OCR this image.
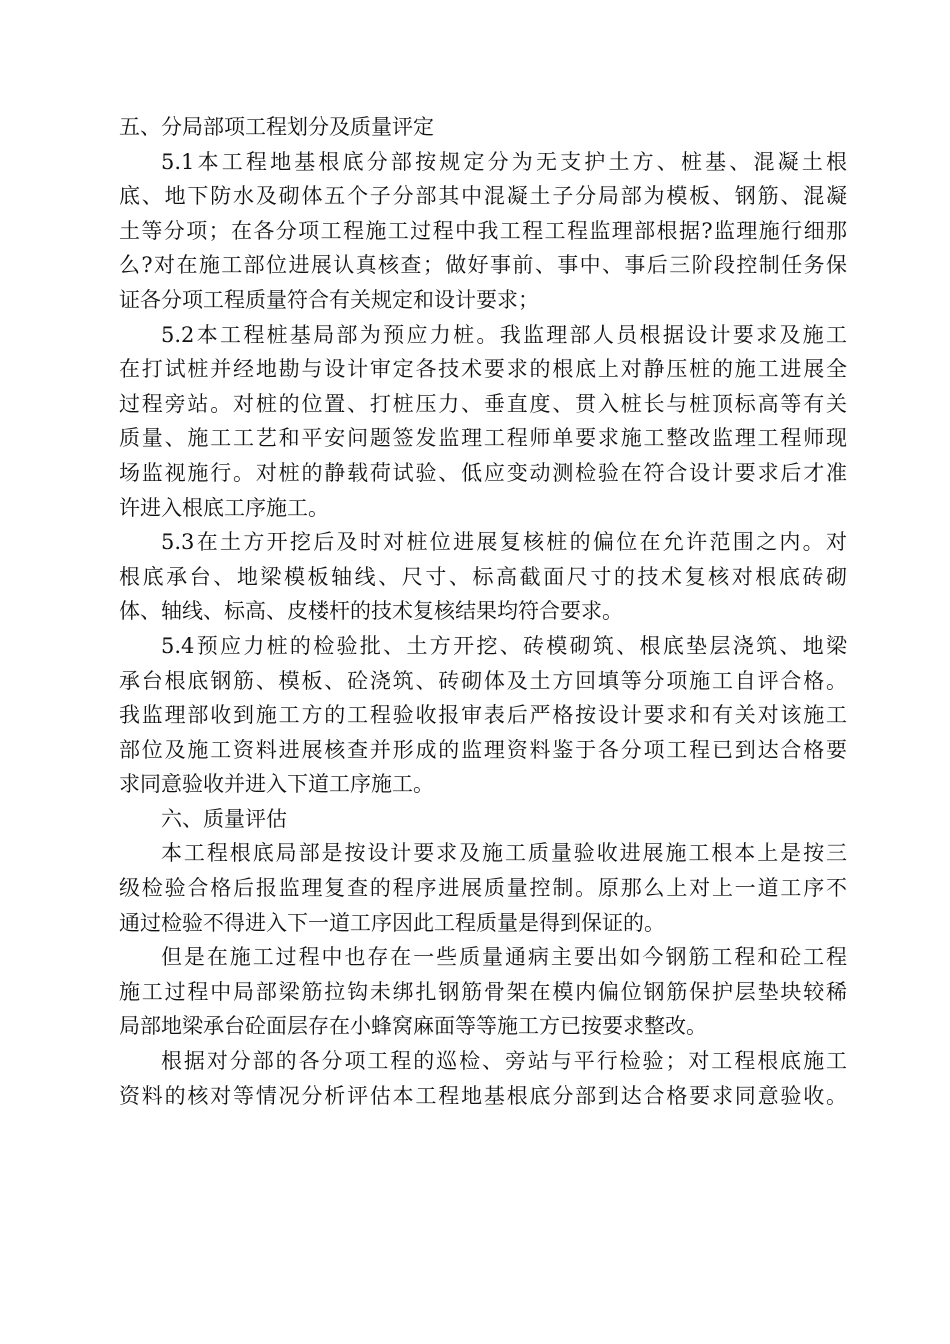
五、分局部项工程划分及质量评定
5.1本工程地基根底分部按规定分为无支护土方、桩基、混凝土根
底、地下防水及砌体五个子分部其中混凝土子分局部为模板、钢筋、混凝
土等分项；在各分项工程施工过程中我工程工程监理部根据?监理施行细那
么?对在施工部位进展认真核查；做好事前、事中、事后三阶段控制任务保
证各分项工程质量符合有关规定和设计要求；
5.2本工程桩基局部为预应力桩。我监理部人员根据设计要求及施工
在打试桩并经地勘与设计审定各技术要求的根底上对静压桩的施工进展全
过程旁站。对桩的位置、打桩压力、垂直度、贯入桩长与桩顶标高等有关
质量、施工工艺和平安问题签发监理工程师单要求施工整改监理工程师现
场监视施行。对桩的静载荷试验、低应变动测检验在符合设计要求后才准
许进入根底工序施工。
5.3在土方开挖后及时对桩位进展复核桩的偏位在允许范围之内。对
根底承台、地梁模板轴线、尺寸、标高截面尺寸的技术复核对根底砖砌
体、轴线、标高、皮楼杆的技术复核结果均符合要求。
5.4预应力桩的检验批、土方开挖、砖模砌筑、根底垫层浇筑、地梁
承台根底钢筋、模板、砼浇筑、砖砌体及土方回填等分项施工自评合格。
我监理部收到施工方的工程验收报审表后严格按设计要求和有关对该施工
部位及施工资料进展核查并形成的监理资料鉴于各分项工程已到达合格要
求同意验收并进入下道工序施工。
六、质量评估
本工程根底局部是按设计要求及施工质量验收进展施工根本上是按三
级检验合格后报监理复查的程序进展质量控制。原那么上对上一道工序不
通过检验不得进入下一道工序因此工程质量是得到保证的。
但是在施工过程中也存在一些质量通病主要出如今钢筋工程和砼工程
施工过程中局部梁筋拉钩未绑扎钢筋骨架在模内偏位钢筋保护层垫块较稀
局部地梁承台砼面层存在小蜂窝麻面等等施工方已按要求整改。
根据对分部的各分项工程的巡检、旁站与平行检验；对工程根底施工
资料的核对等情况分析评估本工程地基根底分部到达合格要求同意验收。
